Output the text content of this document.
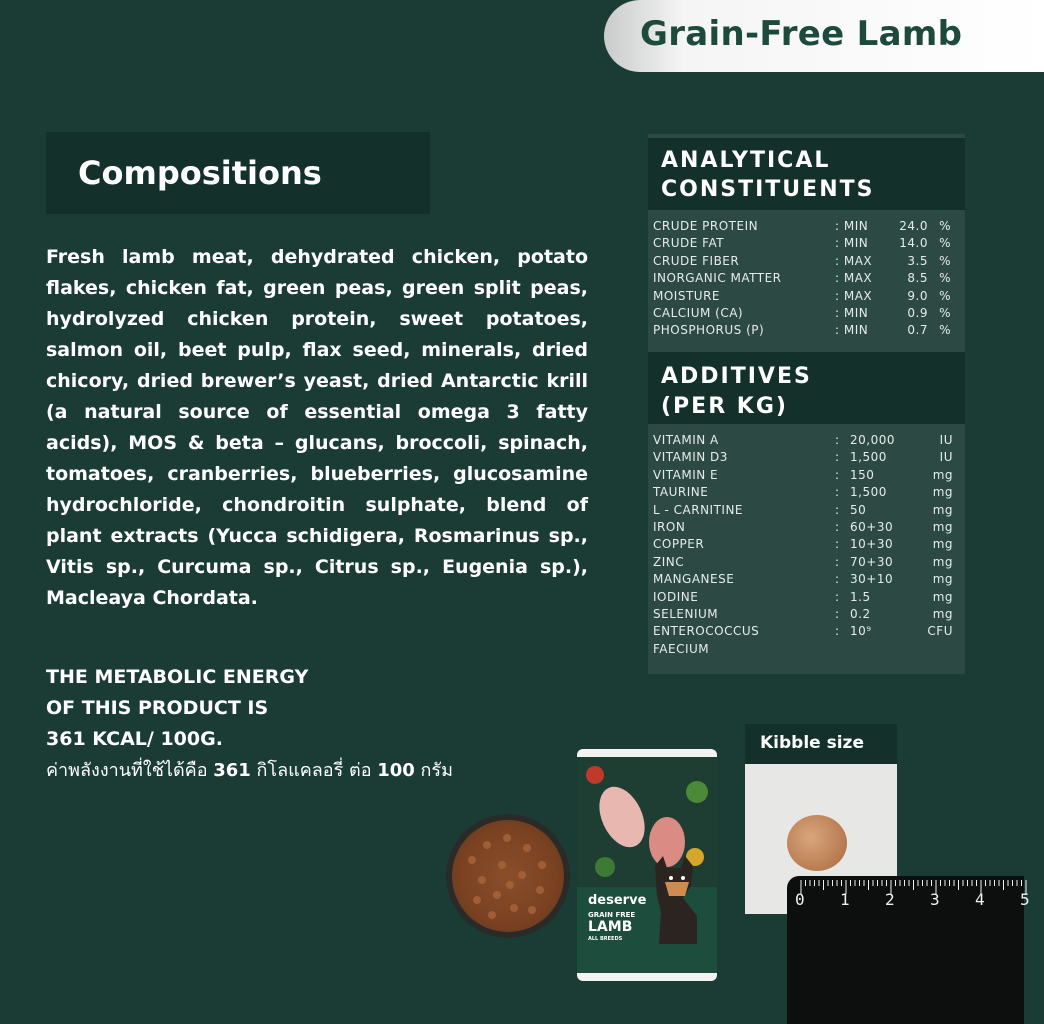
Grain-Free Lamb
Compositions
Fresh lamb meat, dehydrated chicken, potato flakes, chicken fat, green peas, green split peas, hydrolyzed chicken protein, sweet potatoes, salmon oil, beet pulp, flax seed, minerals, dried chicory, dried brewer’s yeast, dried Antarctic krill (a natural source of essential omega 3 fatty acids), MOS & beta – glucans, broccoli, spinach, tomatoes, cranberries, blueberries, glucosamine hydrochloride, chondroitin sulphate, blend of plant extracts (Yucca schidigera, Rosmarinus sp., Vitis sp., Curcuma sp., Citrus sp., Eugenia sp.), Macleaya Chordata.
THE METABOLIC ENERGY
OF THIS PRODUCT IS
361 KCAL/ 100G.
ค่าพลังงานที่ใช้ได้คือ 361 กิโลแคลอรี่ ต่อ 100 กรัม
ANALYTICAL
CONSTITUENTS
CRUDE PROTEIN	: MIN	24.0 %
CRUDE FAT	: MIN	14.0 %
CRUDE FIBER	: MAX	3.5 %
INORGANIC MATTER	: MAX	8.5 %
MOISTURE	: MAX	9.0 %
CALCIUM (CA)	: MIN	0.9 %
PHOSPHORUS (P)	: MIN	0.7 %
ADDITIVES
(PER KG)
VITAMIN A	: 20,000	IU
VITAMIN D3	: 1,500	IU
VITAMIN E	: 150	mg
TAURINE	: 1,500	mg
L - CARNITINE	: 50	mg
IRON	: 60+30	mg
COPPER	: 10+30	mg
ZINC	: 70+30	mg
MANGANESE	: 30+10	mg
IODINE	: 1.5	mg
SELENIUM	: 0.2	mg
ENTEROCOCCUS	: 10⁹	CFU
FAECIUM
deserve
GRAIN FREE
LAMB
ALL BREEDS
Kibble size
0 1 2 3 4 5
